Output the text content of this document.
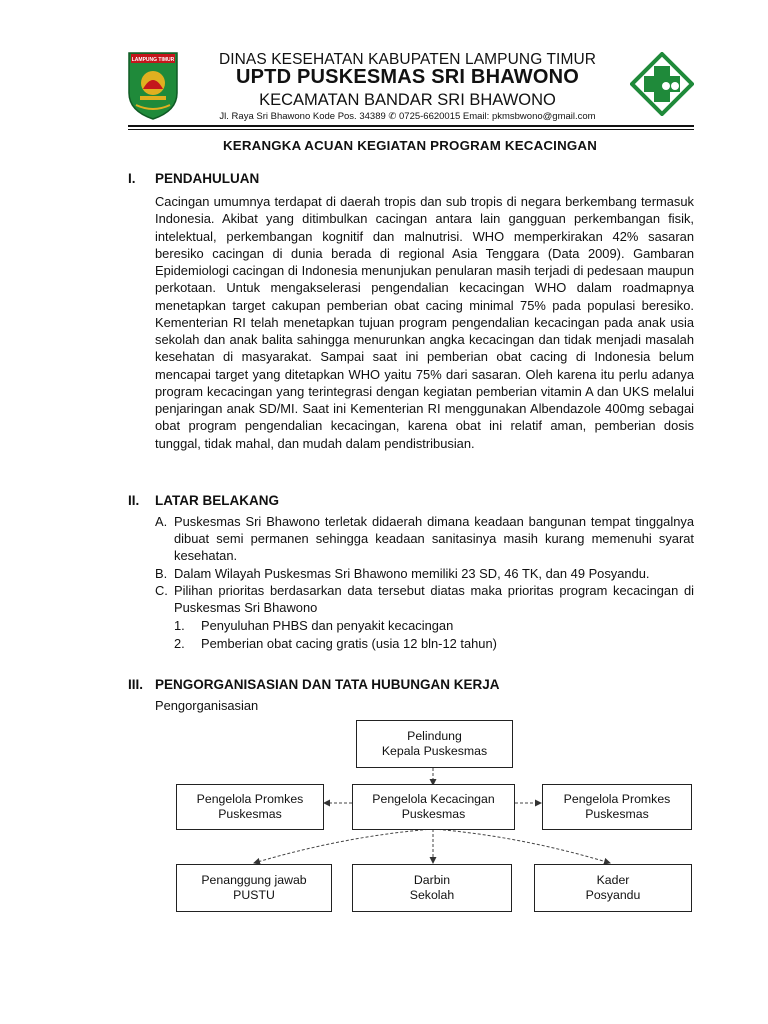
LAMPUNG TIMUR	DINAS KESEHATAN KABUPATEN LAMPUNG TIMUR
UPTD PUSKESMAS SRI BHAWONO
KECAMATAN BANDAR SRI BHAWONO
Jl. Raya Sri Bhawono Kode Pos. 34389 ✆ 0725-6620015 Email: pkmsbwono@gmail.com
KERANGKA ACUAN KEGIATAN PROGRAM KECACINGAN
I. PENDAHULUAN
Cacingan umumnya terdapat di daerah tropis dan sub tropis di negara berkembang termasuk Indonesia. Akibat yang ditimbulkan cacingan antara lain gangguan perkembangan fisik, intelektual, perkembangan kognitif dan malnutrisi. WHO memperkirakan 42% sasaran beresiko cacingan di dunia berada di regional Asia Tenggara (Data 2009). Gambaran Epidemiologi cacingan di Indonesia menunjukan penularan masih terjadi di pedesaan maupun perkotaan. Untuk mengakselerasi pengendalian kecacingan WHO dalam roadmapnya menetapkan target cakupan pemberian obat cacing minimal 75% pada populasi beresiko. Kementerian RI telah menetapkan tujuan program pengendalian kecacingan pada anak usia sekolah dan anak balita sahingga menurunkan angka kecacingan dan tidak menjadi masalah kesehatan di masyarakat. Sampai saat ini pemberian obat cacing di Indonesia belum mencapai target yang ditetapkan WHO yaitu 75% dari sasaran. Oleh karena itu perlu adanya program kecacingan yang terintegrasi dengan kegiatan pemberian vitamin A dan UKS melalui penjaringan anak SD/MI. Saat ini Kementerian RI menggunakan Albendazole 400mg sebagai obat program pengendalian kecacingan, karena obat ini relatif aman, pemberian dosis tunggal, tidak mahal, dan mudah dalam pendistribusian.
II. LATAR BELAKANG
A. Puskesmas Sri Bhawono terletak didaerah dimana keadaan bangunan tempat tinggalnya dibuat semi permanen sehingga keadaan sanitasinya masih kurang memenuhi syarat kesehatan.
B. Dalam Wilayah Puskesmas Sri Bhawono memiliki 23 SD, 46 TK, dan 49 Posyandu.
C. Pilihan prioritas berdasarkan data tersebut diatas maka prioritas program kecacingan di Puskesmas Sri Bhawono
1. Penyuluhan PHBS dan penyakit kecacingan
2. Pemberian obat cacing gratis (usia 12 bln-12 tahun)
III. PENGORGANISASIAN DAN TATA HUBUNGAN KERJA
Pengorganisasian
Pelindung
Kepala Puskesmas
Pengelola Promkes
Puskesmas
Pengelola Kecacingan
Puskesmas
Pengelola Promkes
Puskesmas
Penanggung jawab
PUSTU
Darbin
Sekolah
Kader
Posyandu
